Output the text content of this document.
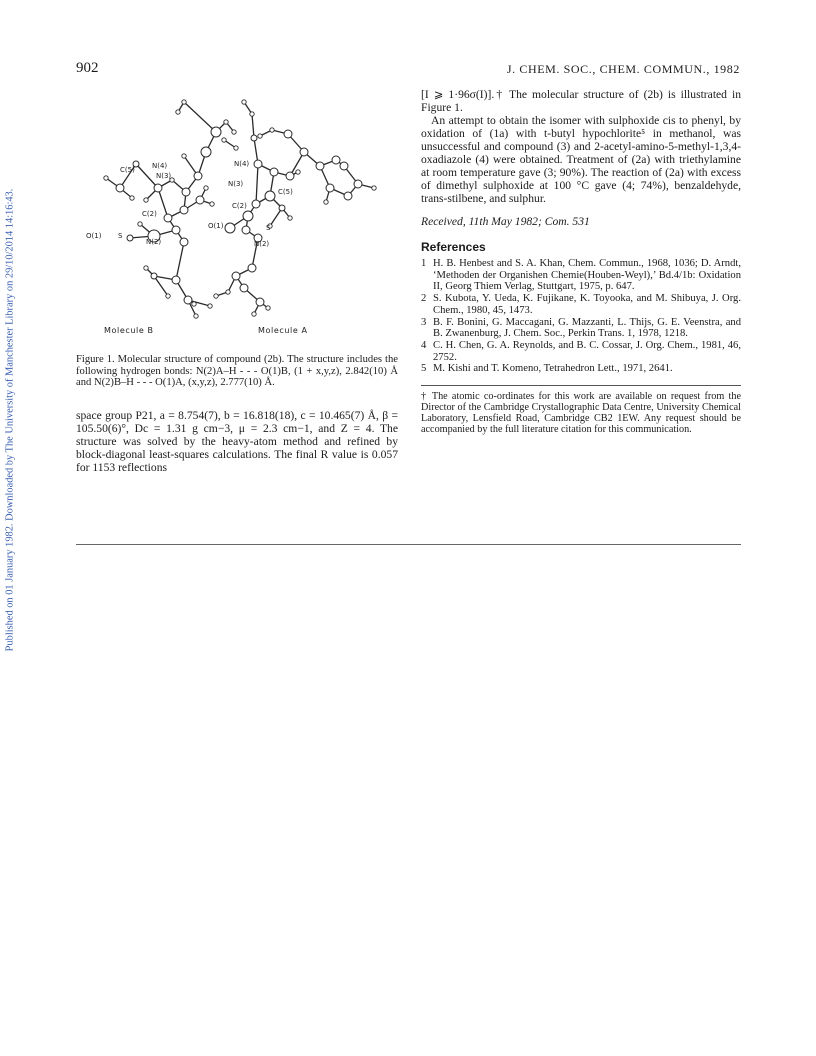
Published on 01 January 1982. Downloaded by The University of Manchester Library on 29/10/2014 14:16:43.
902	J. CHEM. SOC., CHEM. COMMUN., 1982
C(5) N(4)
N(3)
C(2)
O(1) S
N(2)
N(4)
N(3)
C(2)
O(1)
C(5)
S
N(2)
Molecule B	Molecule A
Figure 1. Molecular structure of compound (2b). The structure includes the following hydrogen bonds: N(2)A–H - - - O(1)B, (1 + x,y,z), 2.842(10) Å and N(2)B–H - - - O(1)A, (x,y,z), 2.777(10) Å.
space group P21, a = 8.754(7), b = 16.818(18), c = 10.465(7) Å, β = 105.50(6)°, Dc = 1.31 g cm−3, μ = 2.3 cm−1, and Z = 4. The structure was solved by the heavy-atom method and refined by block-diagonal least-squares calculations. The final R value is 0.057 for 1153 reflections

[I ⩾ 1·96σ(I)].† The molecular structure of (2b) is illustrated in Figure 1.

An attempt to obtain the isomer with sulphoxide cis to phenyl, by oxidation of (1a) with t-butyl hypochlorite⁵ in methanol, was unsuccessful and compound (3) and 2-acetyl-amino-5-methyl-1,3,4-oxadiazole (4) were obtained. Treatment of (2a) with triethylamine at room temperature gave (3; 90%). The reaction of (2a) with excess of dimethyl sulphoxide at 100 °C gave (4; 74%), benzaldehyde, trans-stilbene, and sulphur.

Received, 11th May 1982; Com. 531
References
1 H. B. Henbest and S. A. Khan, Chem. Commun., 1968, 1036; D. Arndt, ‘Methoden der Organishen Chemie(Houben-Weyl),’ Bd.4/1b: Oxidation II, Georg Thiem Verlag, Stuttgart, 1975, p. 647.
2 S. Kubota, Y. Ueda, K. Fujikane, K. Toyooka, and M. Shibuya, J. Org. Chem., 1980, 45, 1473.
3 B. F. Bonini, G. Maccagani, G. Mazzanti, L. Thijs, G. E. Veenstra, and B. Zwanenburg, J. Chem. Soc., Perkin Trans. 1, 1978, 1218.
4 C. H. Chen, G. A. Reynolds, and B. C. Cossar, J. Org. Chem., 1981, 46, 2752.
5 M. Kishi and T. Komeno, Tetrahedron Lett., 1971, 2641.
† The atomic co-ordinates for this work are available on request from the Director of the Cambridge Crystallographic Data Centre, University Chemical Laboratory, Lensfield Road, Cambridge CB2 1EW. Any request should be accompanied by the full literature citation for this communication.
